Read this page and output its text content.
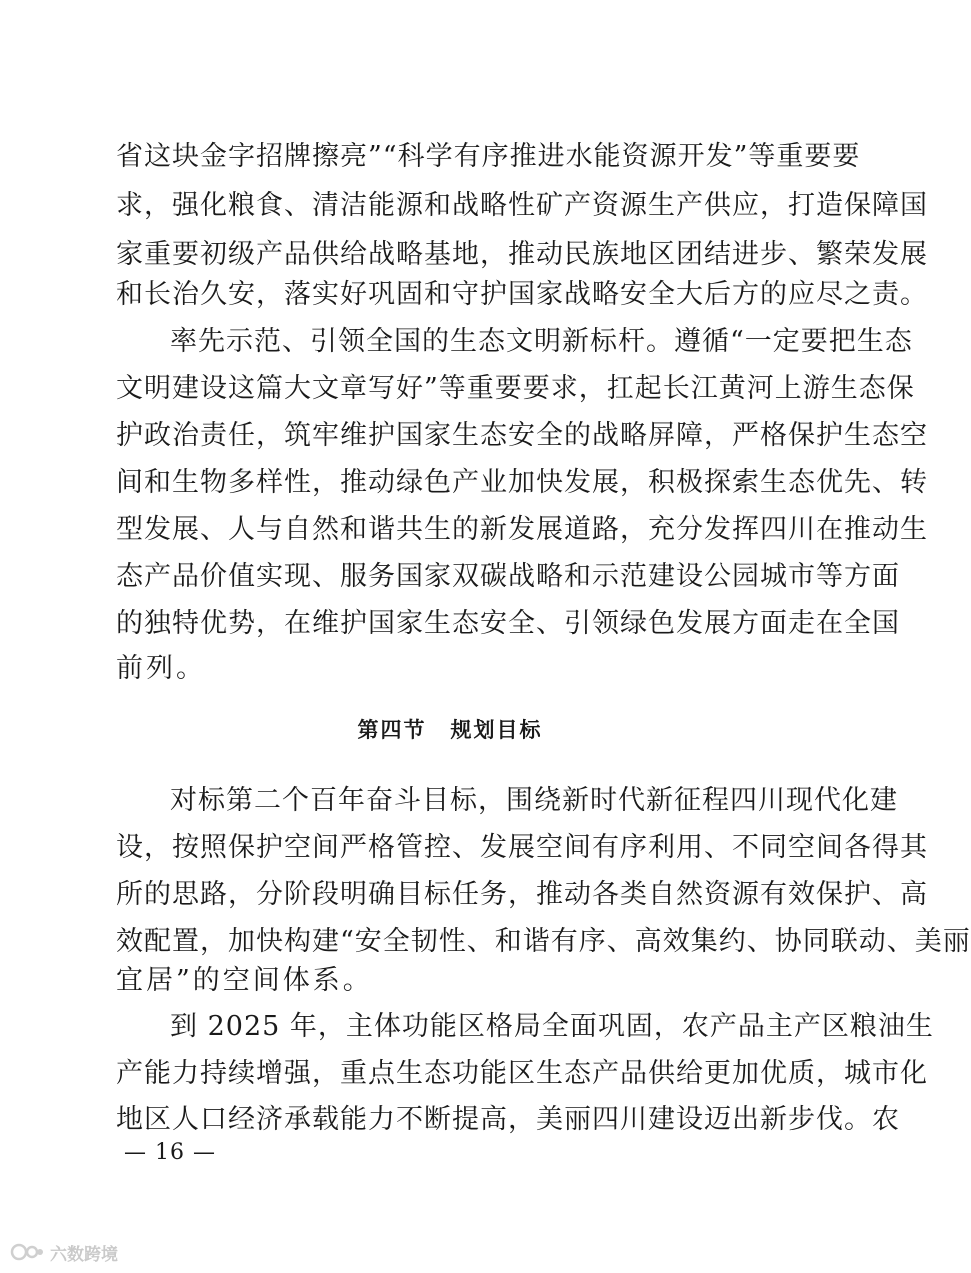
省这块金字招牌擦亮”“科学有序推进水能资源开发”等重要要
求，强化粮食、清洁能源和战略性矿产资源生产供应，打造保障国
家重要初级产品供给战略基地，推动民族地区团结进步、繁荣发展
和长治久安，落实好巩固和守护国家战略安全大后方的应尽之责。
率先示范、引领全国的生态文明新标杆。遵循“一定要把生态
文明建设这篇大文章写好”等重要要求，扛起长江黄河上游生态保
护政治责任，筑牢维护国家生态安全的战略屏障，严格保护生态空
间和生物多样性，推动绿色产业加快发展，积极探索生态优先、转
型发展、人与自然和谐共生的新发展道路，充分发挥四川在推动生
态产品价值实现、服务国家双碳战略和示范建设公园城市等方面
的独特优势，在维护国家生态安全、引领绿色发展方面走在全国
前列。
第四节 规划目标
对标第二个百年奋斗目标，围绕新时代新征程四川现代化建
设，按照保护空间严格管控、发展空间有序利用、不同空间各得其
所的思路，分阶段明确目标任务，推动各类自然资源有效保护、高
效配置，加快构建“安全韧性、和谐有序、高效集约、协同联动、美丽
宜居”的空间体系。
到 2025 年，主体功能区格局全面巩固，农产品主产区粮油生
产能力持续增强，重点生态功能区生态产品供给更加优质，城市化
地区人口经济承载能力不断提高，美丽四川建设迈出新步伐。农
— 16 —
六数跨境
